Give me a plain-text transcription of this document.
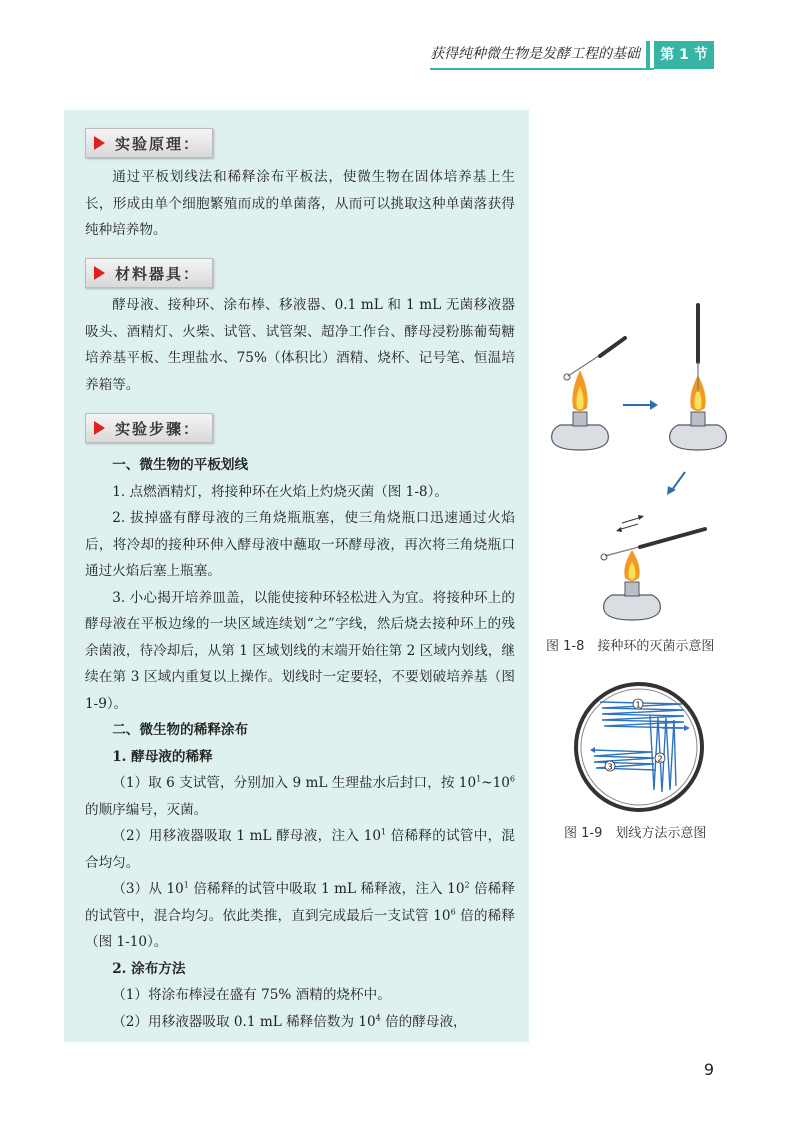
获得纯种微生物是发酵工程的基础	第 1 节
实验原理：

通过平板划线法和稀释涂布平板法，使微生物在固体培养基上生长，形成由单个细胞繁殖而成的单菌落，从而可以挑取这种单菌落获得纯种培养物。

材料器具：

酵母液、接种环、涂布棒、移液器、0.1 mL 和 1 mL 无菌移液器吸头、酒精灯、火柴、试管、试管架、超净工作台、酵母浸粉胨葡萄糖培养基平板、生理盐水、75%（体积比）酒精、烧杯、记号笔、恒温培养箱等。

实验步骤：

一、微生物的平板划线

1. 点燃酒精灯，将接种环在火焰上灼烧灭菌（图 1-8）。

2. 拔掉盛有酵母液的三角烧瓶瓶塞，使三角烧瓶口迅速通过火焰后，将冷却的接种环伸入酵母液中蘸取一环酵母液，再次将三角烧瓶口通过火焰后塞上瓶塞。

3. 小心揭开培养皿盖，以能使接种环轻松进入为宜。将接种环上的酵母液在平板边缘的一块区域连续划“之”字线，然后烧去接种环上的残余菌液，待冷却后，从第 1 区域划线的末端开始往第 2 区域内划线，继续在第 3 区域内重复以上操作。划线时一定要轻，不要划破培养基（图 1-9）。

二、微生物的稀释涂布

1. 酵母液的稀释

（1）取 6 支试管，分别加入 9 mL 生理盐水后封口，按 $10^1\sim 10^6$ 的顺序编号，灭菌。

（2）用移液器吸取 1 mL 酵母液，注入 $10^1$ 倍稀释的试管中，混合均匀。

（3）从 $10^1$ 倍稀释的试管中吸取 1 mL 稀释液，注入 $10^2$ 倍稀释的试管中，混合均匀。依此类推，直到完成最后一支试管 $10^6$ 倍的稀释（图 1-10）。

2. 涂布方法

（1）将涂布棒浸在盛有 75% 酒精的烧杯中。

（2）用移液器吸取 0.1 mL 稀释倍数为 $10^4$ 倍的酵母液，

图 1-8　接种环的灭菌示意图
1
2
3
图 1-9　划线方法示意图
9
